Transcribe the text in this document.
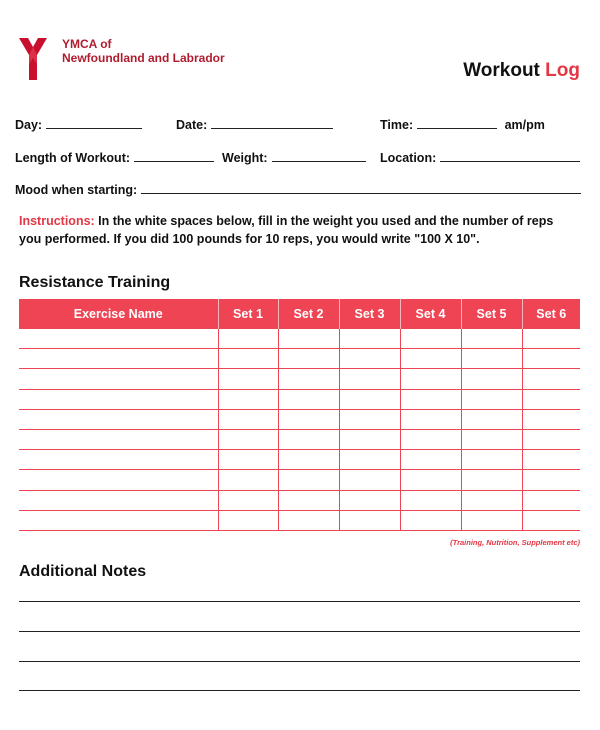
YMCA of
Newfoundland and Labrador
Workout Log
Day:	Date:	Time:	am/pm
Length of Workout:	Weight:	Location:
Mood when starting:
Instructions: In the white spaces below, fill in the weight you used and the number of reps you performed. If you did 100 pounds for 10 reps, you would write "100 X 10".
Resistance Training
Exercise Name	Set 1	Set 2	Set 3	Set 4	Set 5	Set 6

(Training, Nutrition, Supplement etc)
Additional Notes
